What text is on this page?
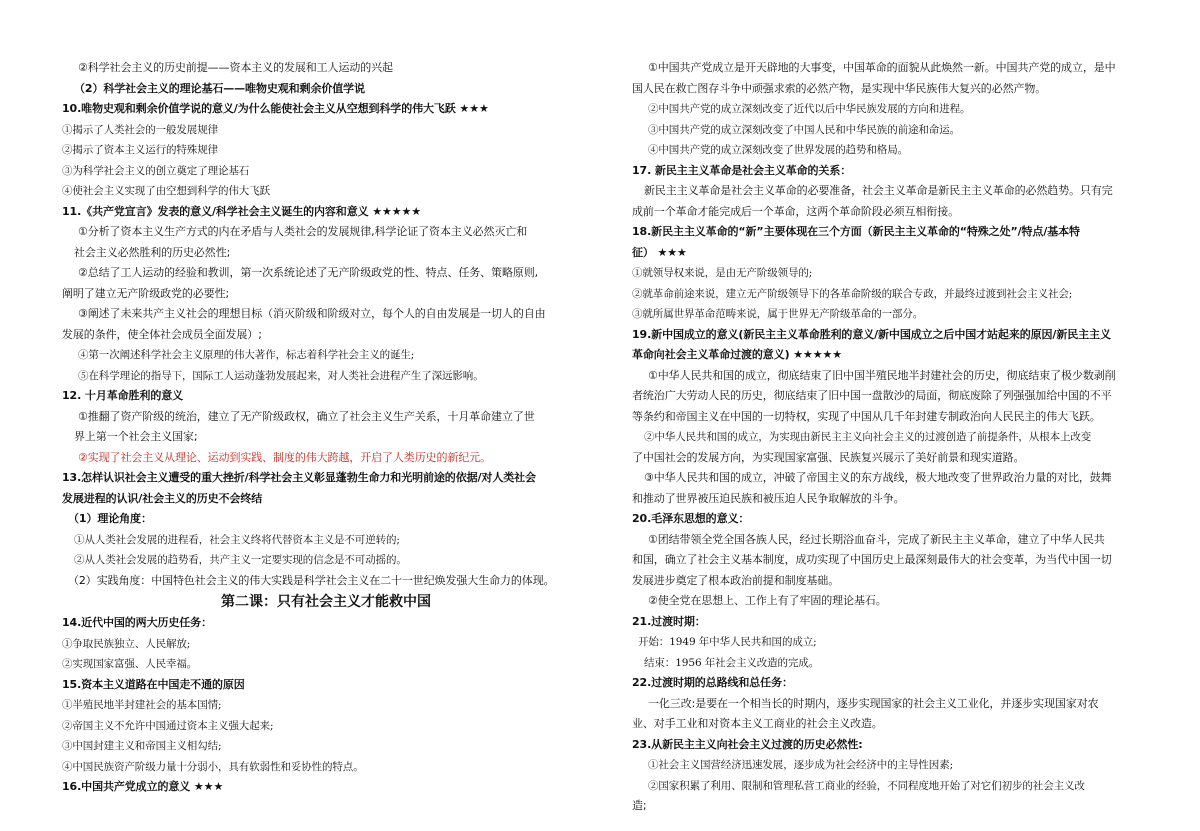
②科学社会主义的历史前提——资本主义的发展和工人运动的兴起
（2）科学社会主义的理论基石——唯物史观和剩余价值学说
10.唯物史观和剩余价值学说的意义/为什么能使社会主义从空想到科学的伟大飞跃 ★★★
①揭示了人类社会的一般发展规律
②揭示了资本主义运行的特殊规律
③为科学社会主义的创立奠定了理论基石
④使社会主义实现了由空想到科学的伟大飞跃
11.《共产党宣言》发表的意义/科学社会主义诞生的内容和意义 ★★★★★
①分析了资本主义生产方式的内在矛盾与人类社会的发展规律,科学论证了资本主义必然灭亡和
社会主义必然胜利的历史必然性;
②总结了工人运动的经验和教训，第一次系统论述了无产阶级政党的性、特点、任务、策略原则,
阐明了建立无产阶级政党的必要性;
③阐述了未来共产主义社会的理想目标（消灭阶级和阶级对立，每个人的自由发展是一切人的自由
发展的条件，使全体社会成员全面发展）;
④第一次阐述科学社会主义原理的伟大著作，标志着科学社会主义的诞生;
⑤在科学理论的指导下，国际工人运动蓬勃发展起来，对人类社会进程产生了深远影响。
12. 十月革命胜利的意义
①推翻了资产阶级的统治，建立了无产阶级政权，确立了社会主义生产关系，十月革命建立了世
界上第一个社会主义国家;
②实现了社会主义从理论、运动到实践、制度的伟大跨越，开启了人类历史的新纪元。
13.怎样认识社会主义遭受的重大挫折/科学社会主义彰显蓬勃生命力和光明前途的依据/对人类社会
发展进程的认识/社会主义的历史不会终结
（1）理论角度：
①从人类社会发展的进程看，社会主义终将代替资本主义是不可逆转的;
②从人类社会发展的趋势看，共产主义一定要实现的信念是不可动摇的。
（2）实践角度：中国特色社会主义的伟大实践是科学社会主义在二十一世纪焕发强大生命力的体现。
第二课：只有社会主义才能救中国
14.近代中国的两大历史任务：
①争取民族独立、人民解放;
②实现国家富强、人民幸福。
15.资本主义道路在中国走不通的原因
①半殖民地半封建社会的基本国情;
②帝国主义不允许中国通过资本主义强大起来;
③中国封建主义和帝国主义相勾结;
④中国民族资产阶级力量十分弱小，具有软弱性和妥协性的特点。
16.中国共产党成立的意义 ★★★
①中国共产党成立是开天辟地的大事变，中国革命的面貌从此焕然一新。中国共产党的成立，是中
国人民在救亡图存斗争中顽强求索的必然产物，是实现中华民族伟大复兴的必然产物。
②中国共产党的成立深刻改变了近代以后中华民族发展的方向和进程。
③中国共产党的成立深刻改变了中国人民和中华民族的前途和命运。
④中国共产党的成立深刻改变了世界发展的趋势和格局。
17. 新民主主义革命是社会主义革命的关系：
新民主主义革命是社会主义革命的必要准备，社会主义革命是新民主主义革命的必然趋势。只有完
成前一个革命才能完成后一个革命，这两个革命阶段必须互相衔接。
18.新民主主义革命的“新”主要体现在三个方面（新民主主义革命的“特殊之处”/特点/基本特
征） ★★★
①就领导权来说，是由无产阶级领导的;
②就革命前途来说，建立无产阶级领导下的各革命阶级的联合专政，并最终过渡到社会主义社会;
③就所属世界革命范畴来说，属于世界无产阶级革命的一部分。
19.新中国成立的意义(新民主主义革命胜利的意义/新中国成立之后中国才站起来的原因/新民主主义
革命向社会主义革命过渡的意义) ★★★★★
①中华人民共和国的成立，彻底结束了旧中国半殖民地半封建社会的历史，彻底结束了极少数剥削
者统治广大劳动人民的历史，彻底结束了旧中国一盘散沙的局面，彻底废除了列强强加给中国的不平
等条约和帝国主义在中国的一切特权，实现了中国从几千年封建专制政治向人民民主的伟大飞跃。
②中华人民共和国的成立，为实现由新民主主义向社会主义的过渡创造了前提条件，从根本上改变
了中国社会的发展方向，为实现国家富强、民族复兴展示了美好前景和现实道路。
③中华人民共和国的成立，冲破了帝国主义的东方战线，极大地改变了世界政治力量的对比，鼓舞
和推动了世界被压迫民族和被压迫人民争取解放的斗争。
20.毛泽东思想的意义：
①团结带领全党全国各族人民，经过长期浴血奋斗，完成了新民主主义革命，建立了中华人民共
和国，确立了社会主义基本制度，成功实现了中国历史上最深刻最伟大的社会变革，为当代中国一切
发展进步奠定了根本政治前提和制度基础。
②使全党在思想上、工作上有了牢固的理论基石。
21.过渡时期：
开始：1949 年中华人民共和国的成立;
结束：1956 年社会主义改造的完成。
22.过渡时期的总路线和总任务：
一化三改:是要在一个相当长的时期内，逐步实现国家的社会主义工业化，并逐步实现国家对农
业、对手工业和对资本主义工商业的社会主义改造。
23.从新民主主义向社会主义过渡的历史必然性:
①社会主义国营经济迅速发展，逐步成为社会经济中的主导性因素;
②国家积累了利用、限制和管理私营工商业的经验，不同程度地开始了对它们初步的社会主义改
造;
